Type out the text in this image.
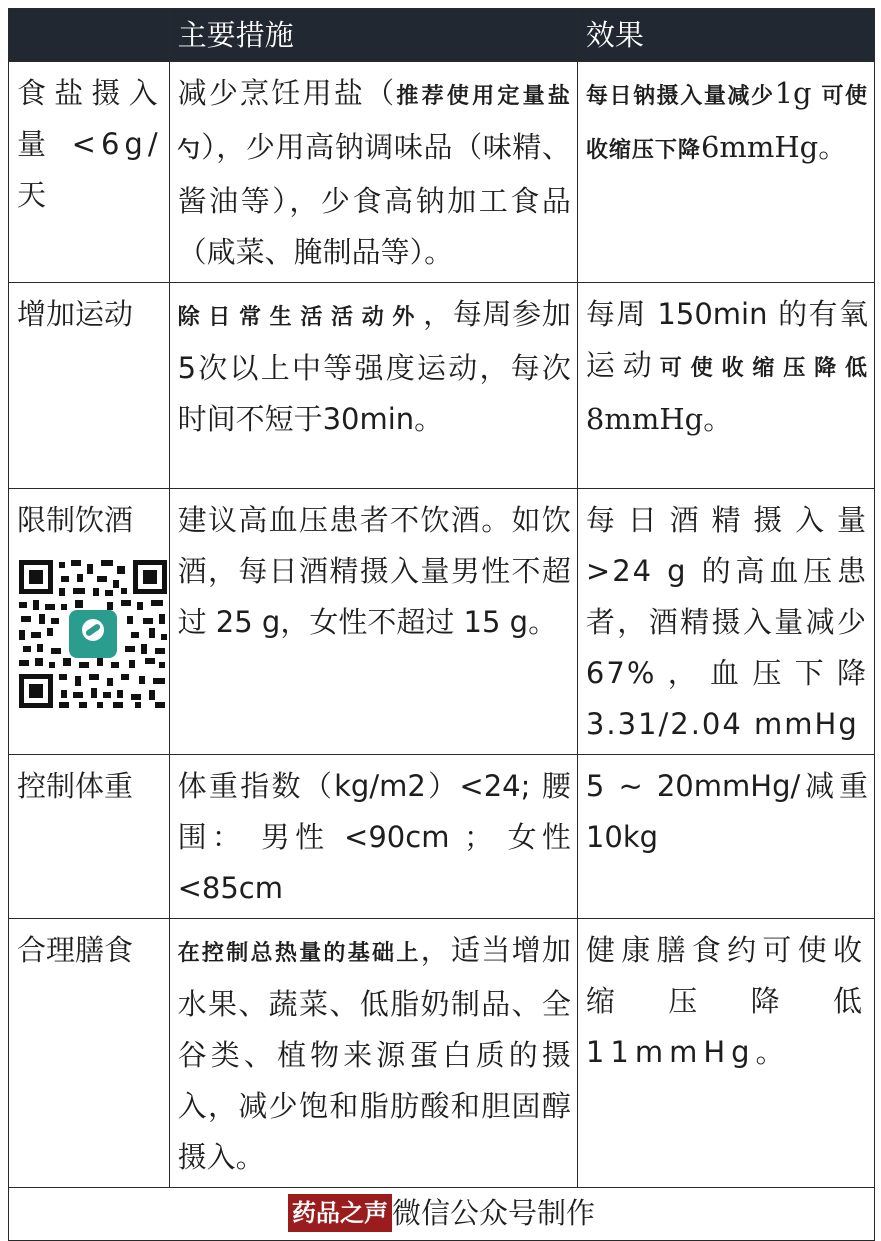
	主要措施	效果
食盐摄入量<6g/天	减少烹饪用盐（推荐使用定量盐勺），少用高钠调味品（味精、酱油等），少食高钠加工食品（咸菜、腌制品等）。	每日钠摄入量减少1g 可使收缩压下降6mmHg。
增加运动	除日常生活活动外，每周参加5次以上中等强度运动，每次时间不短于30min。	每周 150min 的有氧运动可使收缩压降低 8mmHg。

限制饮酒	建议高血压患者不饮酒。如饮酒，每日酒精摄入量男性不超过 25 g，女性不超过 15 g。	每日酒精摄入量>24 g 的高血压患者，酒精摄入量减少 67%，血压下降3.31/2.04 mmHg
控制体重	体重指数（kg/m2）<24; 腰围： 男性 <90cm ； 女性<85cm	5 ~ 20mmHg/减重10kg
合理膳食	在控制总热量的基础上，适当增加水果、蔬菜、低脂奶制品、全谷类、植物来源蛋白质的摄入，减少饱和脂肪酸和胆固醇摄入。	健康膳食约可使收缩压降低11mmHg。
药品之声 微信公众号制作		
